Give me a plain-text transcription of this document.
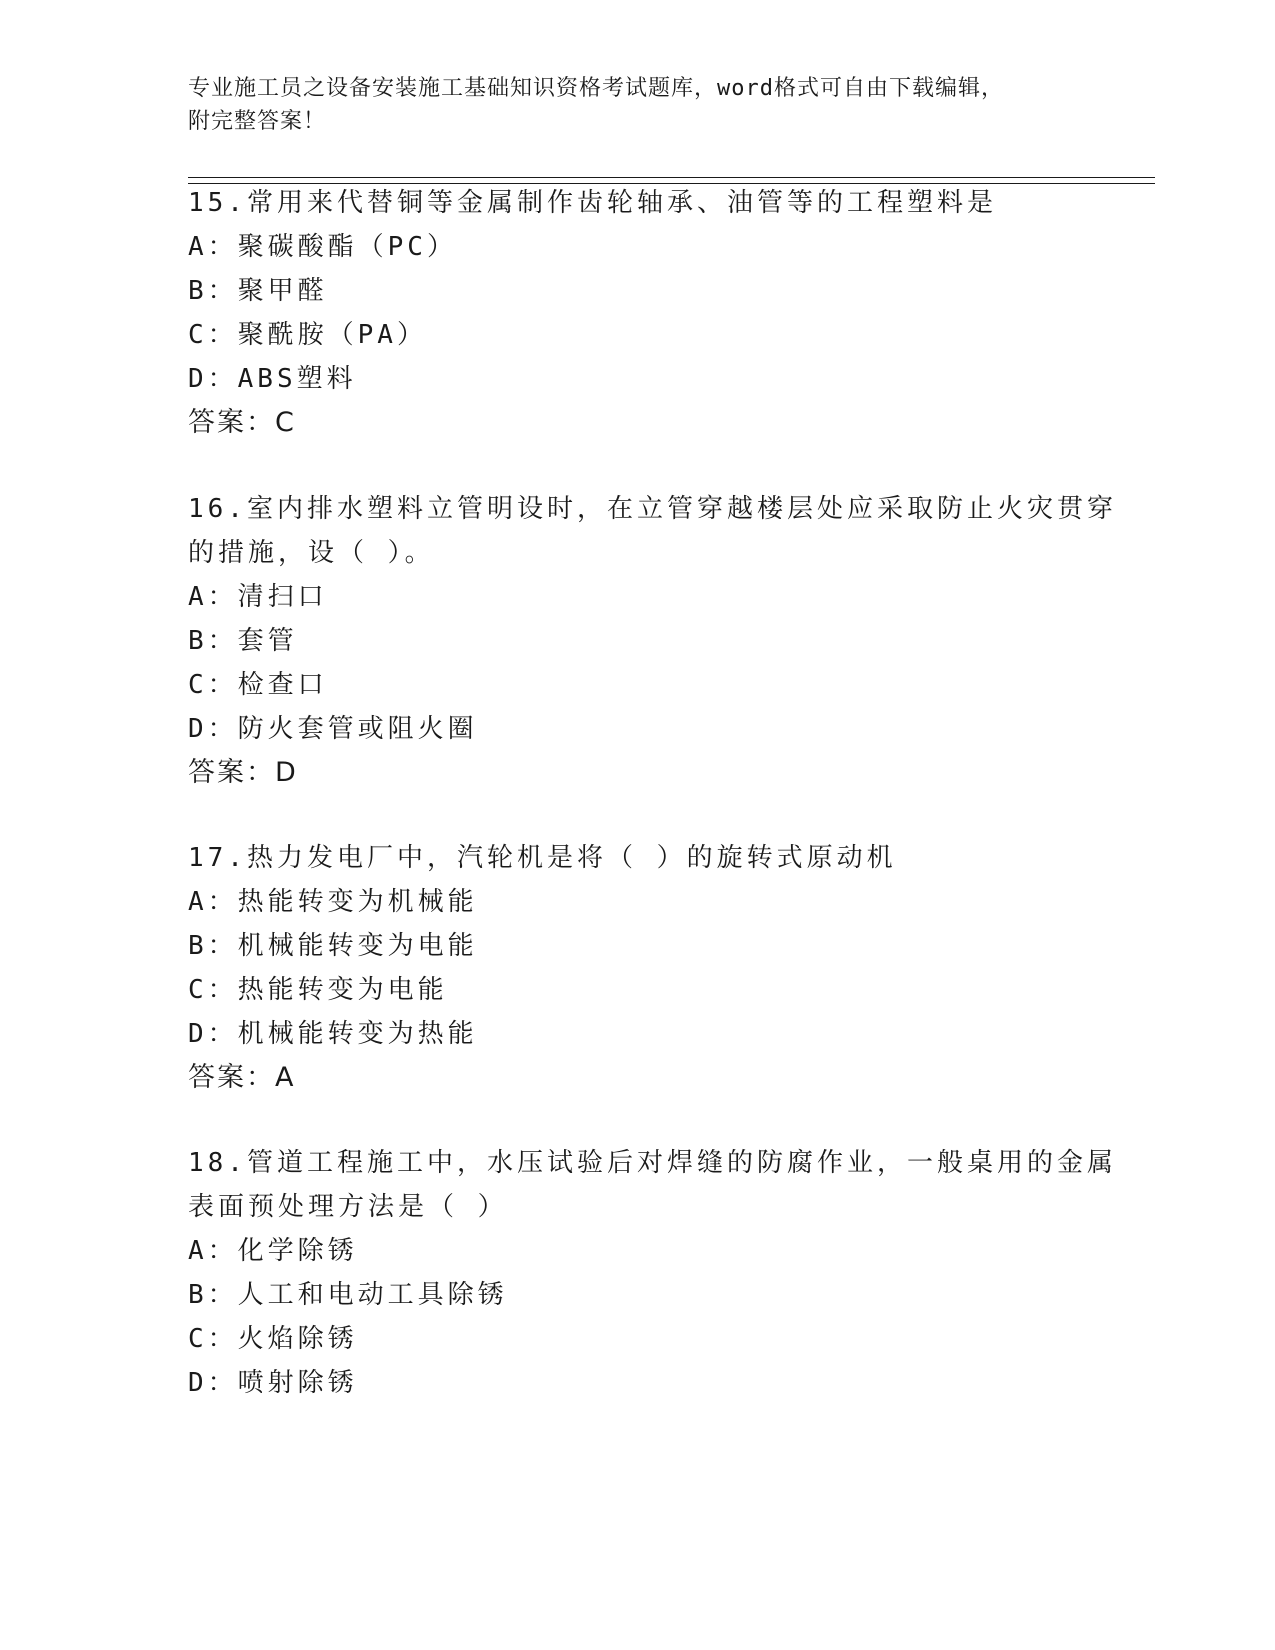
专业施工员之设备安装施工基础知识资格考试题库，word格式可自由下载编辑，

附完整答案！

15.常用来代替铜等金属制作齿轮轴承、油管等的工程塑料是

A：聚碳酸酯（PC）

B：聚甲醛

C：聚酰胺（PA）

D：ABS塑料

答案：C

16.室内排水塑料立管明设时，在立管穿越楼层处应采取防止火灾贯穿

的措施，设（ ）。

A：清扫口

B：套管

C：检查口

D：防火套管或阻火圈

答案：D

17.热力发电厂中，汽轮机是将（ ）的旋转式原动机

A：热能转变为机械能

B：机械能转变为电能

C：热能转变为电能

D：机械能转变为热能

答案：A

18.管道工程施工中，水压试验后对焊缝的防腐作业，一般桌用的金属

表面预处理方法是（ ）

A：化学除锈

B：人工和电动工具除锈

C：火焰除锈

D：喷射除锈
